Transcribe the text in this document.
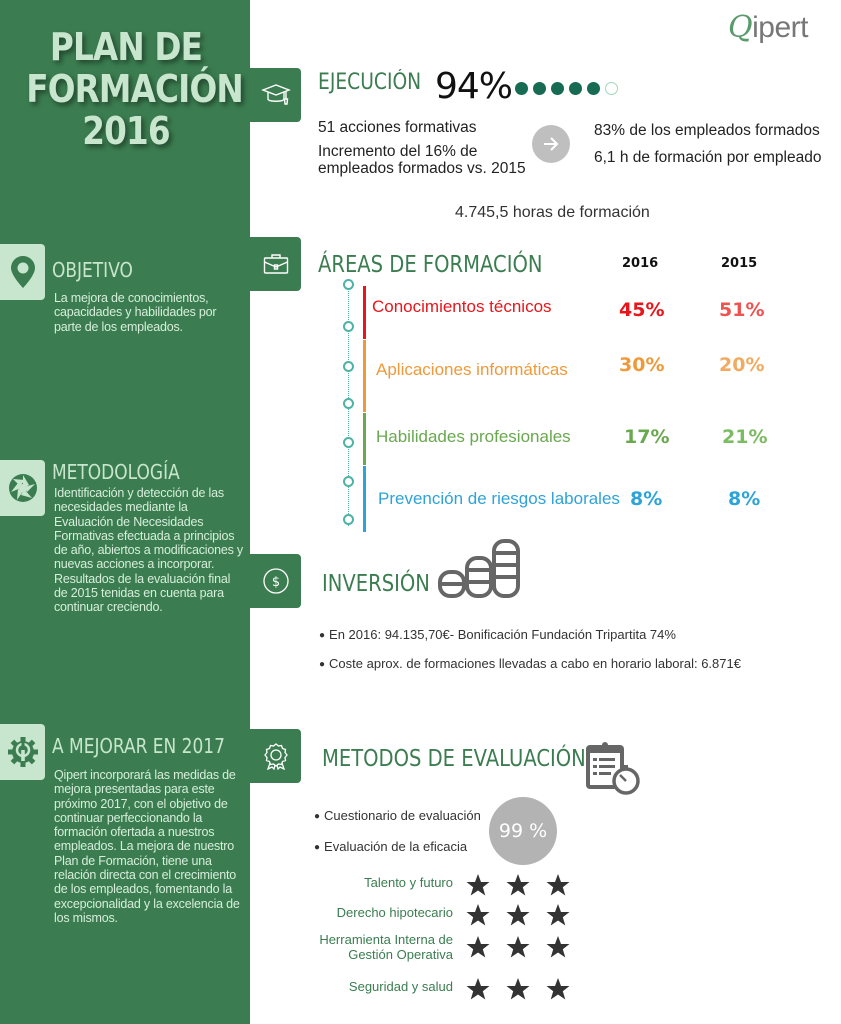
PLAN DE
FORMACIÓN
2016
OBJETIVO
La mejora de conocimientos, capacidades y habilidades por parte de los empleados.
METODOLOGÍA
Identificación y detección de las necesidades mediante la Evaluación de Necesidades Formativas efectuada a principios de año, abiertos a modificaciones y nuevas acciones a incorporar. Resultados de la evaluación final de 2015 tenidas en cuenta para continuar creciendo.
A MEJORAR EN 2017
Qipert incorporará las medidas de mejora presentadas para este próximo 2017, con el objetivo de continuar perfeccionando la formación ofertada a nuestros empleados. La mejora de nuestro Plan de Formación, tiene una relación directa con el crecimiento de los empleados, fomentando la excepcionalidad y la excelencia de los mismos.
Qipert
EJECUCIÓN 94%
51 acciones formativas
Incremento del 16% de
empleados formados vs. 2015
83% de los empleados formados
6,1 h de formación por empleado
4.745,5 horas de formación
ÁREAS DE FORMACIÓN	2016	2015
Conocimientos técnicos	45%	51%
Aplicaciones informáticas	30%	20%
Habilidades profesionales	17%	21%
Prevención de riesgos laborales 8%	8%
$ INVERSIÓN
● En 2016: 94.135,70€- Bonificación Fundación Tripartita 74%
● Coste aprox. de formaciones llevadas a cabo en horario laboral: 6.871€
METODOS DE EVALUACIÓN
● Cuestionario de evaluación
● Evaluación de la eficacia
99 %
Talento y futuro
Derecho hipotecario
Herramienta Interna de
Gestión Operativa
Seguridad y salud
